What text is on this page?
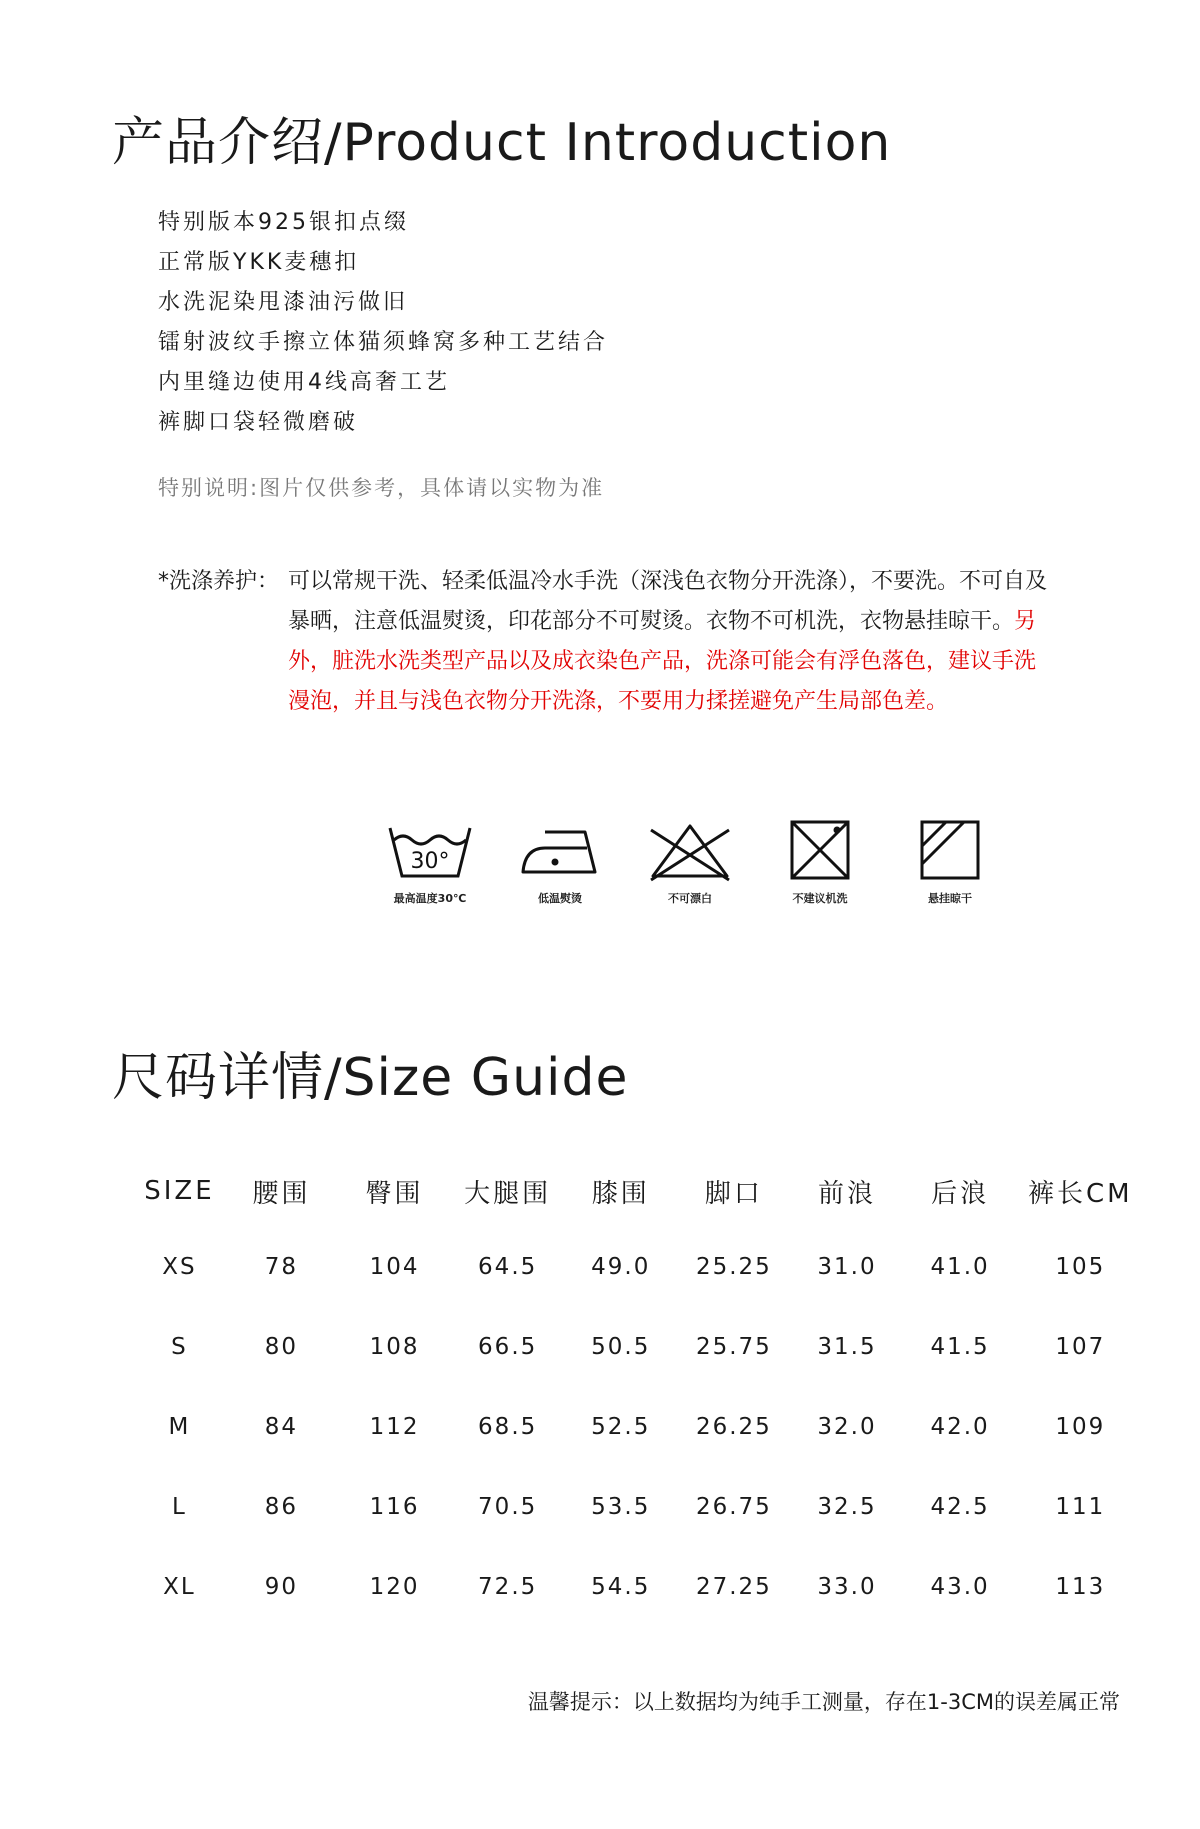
产品介绍/Product Introduction
特别版本925银扣点缀
正常版YKK麦穗扣
水洗泥染甩漆油污做旧
镭射波纹手擦立体猫须蜂窝多种工艺结合
内里缝边使用4线高奢工艺
裤脚口袋轻微磨破
特别说明:图片仅供参考，具体请以实物为准
*洗涤养护： 可以常规干洗、轻柔低温冷水手洗（深浅色衣物分开洗涤），不要洗。不可自及暴晒，注意低温熨烫，印花部分不可熨烫。衣物不可机洗，衣物悬挂晾干。另外，脏洗水洗类型产品以及成衣染色产品，洗涤可能会有浮色落色，建议手洗漫泡，并且与浅色衣物分开洗涤，不要用力揉搓避免产生局部色差。
30°
最高温度30℃	低温熨烫	不可漂白	不建议机洗	悬挂晾干
尺码详情/Size Guide
SIZE	腰围	臀围	大腿围	膝围	脚口	前浪	后浪	裤长CM
XS	78	104	64.5	49.0	25.25	31.0	41.0	105
S	80	108	66.5	50.5	25.75	31.5	41.5	107
M	84	112	68.5	52.5	26.25	32.0	42.0	109
L	86	116	70.5	53.5	26.75	32.5	42.5	111
XL	90	120	72.5	54.5	27.25	33.0	43.0	113
温馨提示：以上数据均为纯手工测量，存在1-3CM的误差属正常
